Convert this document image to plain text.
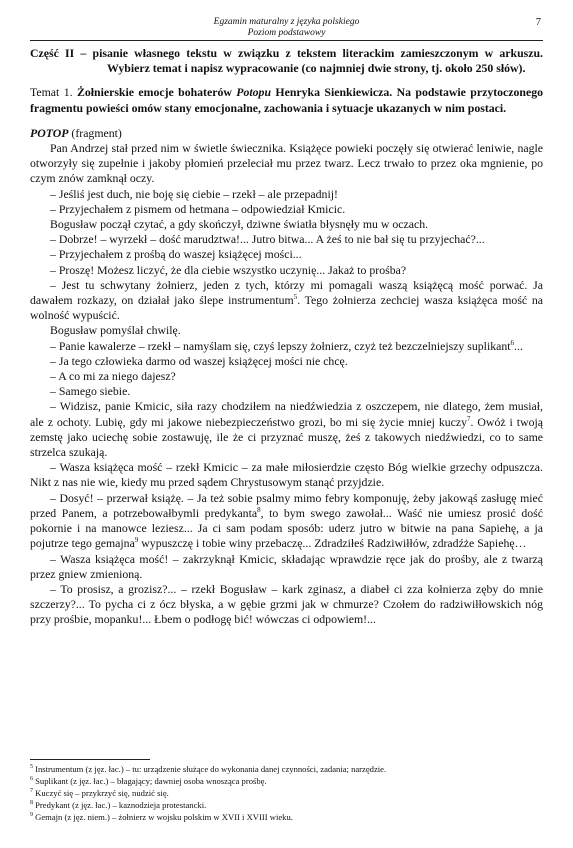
Egzamin maturalny z języka polskiego
Poziom podstawowy
7

Część II – pisanie własnego tekstu w związku z tekstem literackim zamieszczonym w arkuszu. Wybierz temat i napisz wypracowanie (co najmniej dwie strony, tj. około 250 słów).

Temat 1. Żołnierskie emocje bohaterów Potopu Henryka Sienkiewicza. Na podstawie przytoczonego fragmentu powieści omów stany emocjonalne, zachowania i sytuacje ukazanych w nim postaci.

POTOP (fragment)

Pan Andrzej stał przed nim w świetle świecznika. Książęce powieki poczęły się otwierać leniwie, nagle otworzyły się zupełnie i jakoby płomień przeleciał mu przez twarz. Lecz trwało to przez oka mgnienie, po czym znów zamknął oczy.

– Jeśliś jest duch, nie boję się ciebie – rzekł – ale przepadnij!

– Przyjechałem z pismem od hetmana – odpowiedział Kmicic.

Bogusław począł czytać, a gdy skończył, dziwne światła błysnęły mu w oczach.

– Dobrze! – wyrzekł – dość marudztwa!... Jutro bitwa... A żeś to nie bał się tu przyjechać?...

– Przyjechałem z prośbą do waszej książęcej mości...

– Proszę! Możesz liczyć, że dla ciebie wszystko uczynię... Jakaż to prośba?

– Jest tu schwytany żołnierz, jeden z tych, którzy mi pomagali waszą książęcą mość porwać. Ja dawałem rozkazy, on działał jako ślepe instrumentum$^5$. Tego żołnierza zechciej wasza książęca mość na wolność wypuścić.

Bogusław pomyślał chwilę.

– Panie kawalerze – rzekł – namyślam się, czyś lepszy żołnierz, czyż też bezczelniejszy suplikant$^6$...

– Ja tego człowieka darmo od waszej książęcej mości nie chcę.

– A co mi za niego dajesz?

– Samego siebie.

– Widzisz, panie Kmicic, siła razy chodziłem na niedźwiedzia z oszczepem, nie dlatego, żem musiał, ale z ochoty. Lubię, gdy mi jakowe niebezpieczeństwo grozi, bo mi się życie mniej kuczy$^7$. Owóż i twoją zemstę jako uciechę sobie zostawuję, ile że ci przyznać muszę, żeś z takowych niedźwiedzi, co to same strzelca szukają.

– Wasza książęca mość – rzekł Kmicic – za małe miłosierdzie często Bóg wielkie grzechy odpuszcza. Nikt z nas nie wie, kiedy mu przed sądem Chrystusowym stanąć przyjdzie.

– Dosyć! – przerwał książę. – Ja też sobie psalmy mimo febry komponuję, żeby jakowąś zasługę mieć przed Panem, a potrzebowałbymli predykanta$^8$, to bym swego zawołał... Waść nie umiesz prosić dość pokornie i na manowce leziesz... Ja ci sam podam sposób: uderz jutro w bitwie na pana Sapiehę, a ja pojutrze tego gemajna$^9$ wypuszczę i tobie winy przebaczę... Zdradziłeś Radziwiłłów, zdradźże Sapiehę…

– Wasza książęca mość! – zakrzyknął Kmicic, składając wprawdzie ręce jak do prośby, ale z twarzą przez gniew zmienioną.

– To prosisz, a grozisz?... – rzekł Bogusław – kark zginasz, a diabeł ci zza kołnierza zęby do mnie szczerzy?... To pycha ci z ócz błyska, a w gębie grzmi jak w chmurze? Czołem do radziwiłłowskich nóg przy prośbie, mopanku!... Łbem o podłogę bić! wówczas ci odpowiem!...

$^5$ Instrumentum (z jęz. łac.) – tu: urządzenie służące do wykonania danej czynności, zadania; narzędzie.
$^6$ Suplikant (z jęz. łac.) – błagający; dawniej osoba wnosząca prośbę.
$^7$ Kuczyć się – przykrzyć się, nudzić się.
$^8$ Predykant (z jęz. łac.) – kaznodzieja protestancki.
$^9$ Gemajn (z jęz. niem.) – żołnierz w wojsku polskim w XVII i XVIII wieku.
